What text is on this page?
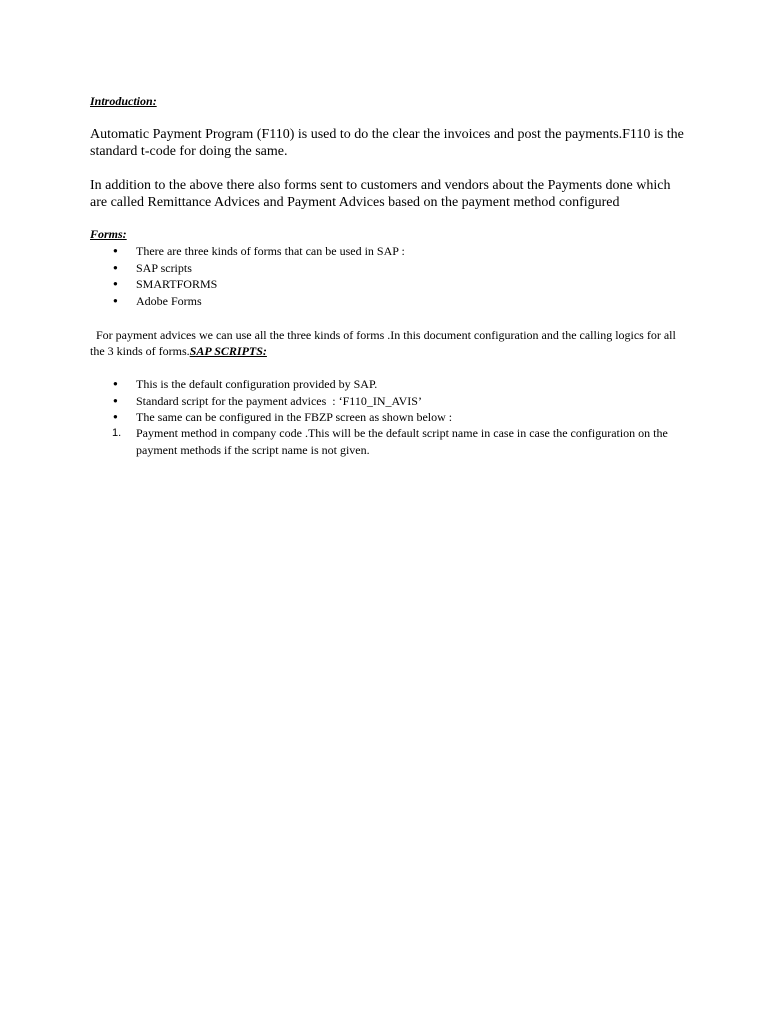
Introduction:
Automatic Payment Program (F110) is used to do the clear the invoices and post the payments.F110 is the standard t-code for doing the same.
In addition to the above there also forms sent to customers and vendors about the Payments done which are called Remittance Advices and Payment Advices based on the payment method configured
Forms:
● There are three kinds of forms that can be used in SAP :
● SAP scripts
● SMARTFORMS
● Adobe Forms
For payment advices we can use all the three kinds of forms .In this document configuration and the calling logics for all the 3 kinds of forms.SAP SCRIPTS:
● This is the default configuration provided by SAP.
● Standard script for the payment advices  : ‘F110_IN_AVIS’
● The same can be configured in the FBZP screen as shown below :
1. Payment method in company code .This will be the default script name in case in case the configuration on the payment methods if the script name is not given.
